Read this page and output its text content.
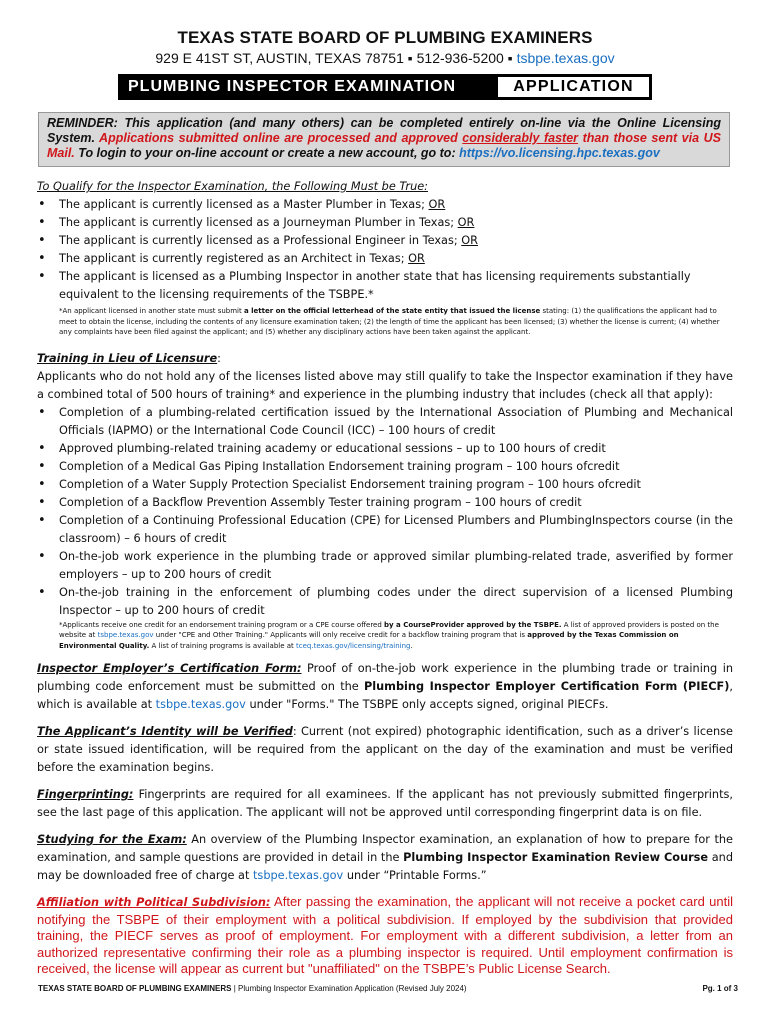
TEXAS STATE BOARD OF PLUMBING EXAMINERS
929 E 41ST ST, AUSTIN, TEXAS 78751 ▪ 512-936-5200 ▪ tsbpe.texas.gov
PLUMBING INSPECTOR EXAMINATION	APPLICATION
REMINDER: This application (and many others) can be completed entirely on-line via the Online Licensing System. Applications submitted online are processed and approved considerably faster than those sent via US Mail. To login to your on-line account or create a new account, go to: https://vo.licensing.hpc.texas.gov

To Qualify for the Inspector Examination, the Following Must be True:

• The applicant is currently licensed as a Master Plumber in Texas; OR
• The applicant is currently licensed as a Journeyman Plumber in Texas; OR
• The applicant is currently licensed as a Professional Engineer in Texas; OR
• The applicant is currently registered as an Architect in Texas; OR
• The applicant is licensed as a Plumbing Inspector in another state that has licensing requirements substantially equivalent to the licensing requirements of the TSBPE.*

*An applicant licensed in another state must submit a letter on the official letterhead of the state entity that issued the license stating: (1) the qualifications the applicant had to meet to obtain the license, including the contents of any licensure examination taken; (2) the length of time the applicant has been licensed; (3) whether the license is current; (4) whether any complaints have been filed against the applicant; and (5) whether any disciplinary actions have been taken against the applicant.

Training in Lieu of Licensure:

Applicants who do not hold any of the licenses listed above may still qualify to take the Inspector examination if they have a combined total of 500 hours of training* and experience in the plumbing industry that includes (check all that apply):

• Completion of a plumbing-related certification issued by the International Association of Plumbing and Mechanical Officials (IAPMO) or the International Code Council (ICC) – 100 hours of credit
• Approved plumbing-related training academy or educational sessions – up to 100 hours of credit
• Completion of a Medical Gas Piping Installation Endorsement training program – 100 hours ofcredit
• Completion of a Water Supply Protection Specialist Endorsement training program – 100 hours ofcredit
• Completion of a Backflow Prevention Assembly Tester training program – 100 hours of credit
• Completion of a Continuing Professional Education (CPE) for Licensed Plumbers and PlumbingInspectors course (in the classroom) – 6 hours of credit
• On-the-job work experience in the plumbing trade or approved similar plumbing-related trade, asverified by former employers – up to 200 hours of credit
• On-the-job training in the enforcement of plumbing codes under the direct supervision of a licensed Plumbing Inspector – up to 200 hours of credit

*Applicants receive one credit for an endorsement training program or a CPE course offered by a CourseProvider approved by the TSBPE. A list of approved providers is posted on the website at tsbpe.texas.gov under "CPE and Other Training." Applicants will only receive credit for a backflow training program that is approved by the Texas Commission on Environmental Quality. A list of training programs is available at tceq.texas.gov/licensing/training.

Inspector Employer’s Certification Form: Proof of on-the-job work experience in the plumbing trade or training in plumbing code enforcement must be submitted on the Plumbing Inspector Employer Certification Form (PIECF), which is available at tsbpe.texas.gov under "Forms." The TSBPE only accepts signed, original PIECFs.

The Applicant’s Identity will be Verified: Current (not expired) photographic identification, such as a driver’s license or state issued identification, will be required from the applicant on the day of the examination and must be verified before the examination begins.

Fingerprinting: Fingerprints are required for all examinees. If the applicant has not previously submitted fingerprints, see the last page of this application. The applicant will not be approved until corresponding fingerprint data is on file.

Studying for the Exam: An overview of the Plumbing Inspector examination, an explanation of how to prepare for the examination, and sample questions are provided in detail in the Plumbing Inspector Examination Review Course and may be downloaded free of charge at tsbpe.texas.gov under “Printable Forms.”

Affiliation with Political Subdivision: After passing the examination, the applicant will not receive a pocket card until notifying the TSBPE of their employment with a political subdivision. If employed by the subdivision that provided training, the PIECF serves as proof of employment. For employment with a different subdivision, a letter from an authorized representative confirming their role as a plumbing inspector is required. Until employment confirmation is received, the license will appear as current but "unaffiliated" on the TSBPE’s Public License Search.

TEXAS STATE BOARD OF PLUMBING EXAMINERS | Plumbing Inspector Examination Application (Revised July 2024)	Pg. 1 of 3
